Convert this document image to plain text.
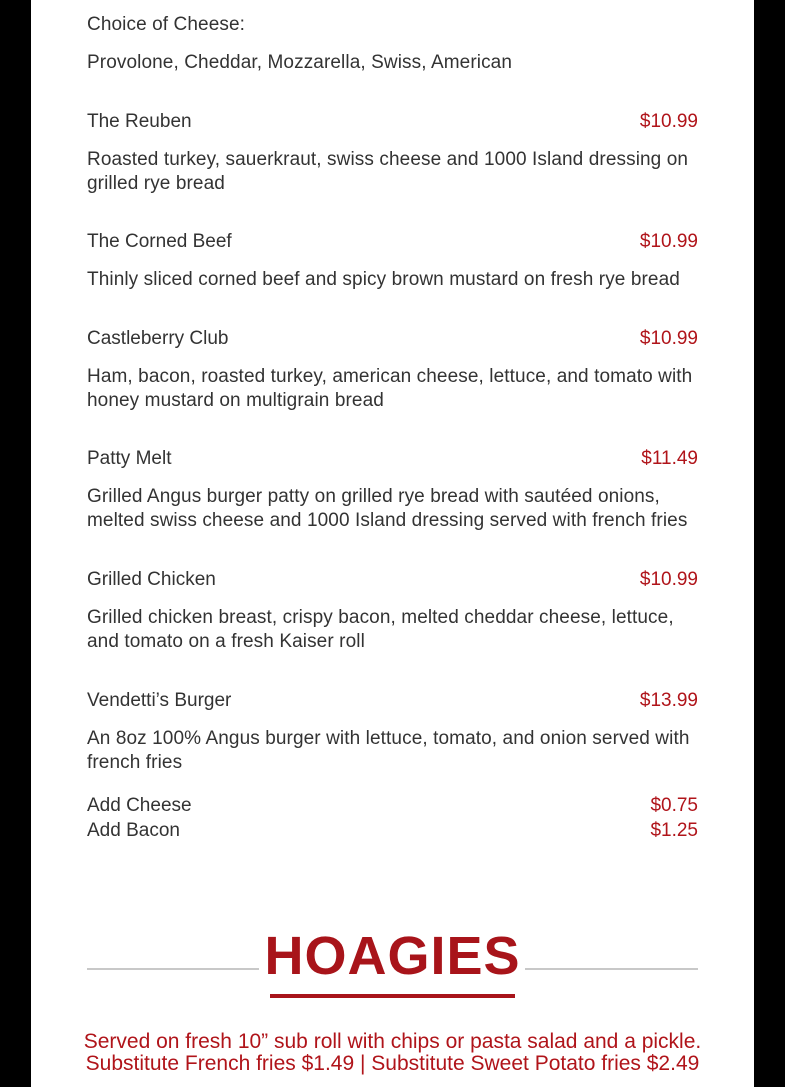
Choice of Cheese:
Provolone, Cheddar, Mozzarella, Swiss, American
The Reuben	$10.99
Roasted turkey, sauerkraut, swiss cheese and 1000 Island dressing on grilled rye bread
The Corned Beef	$10.99
Thinly sliced corned beef and spicy brown mustard on fresh rye bread
Castleberry Club	$10.99
Ham, bacon, roasted turkey, american cheese, lettuce, and tomato with honey mustard on multigrain bread
Patty Melt	$11.49
Grilled Angus burger patty on grilled rye bread with sautéed onions, melted swiss cheese and 1000 Island dressing served with french fries
Grilled Chicken	$10.99
Grilled chicken breast, crispy bacon, melted cheddar cheese, lettuce, and tomato on a fresh Kaiser roll
Vendetti’s Burger	$13.99
An 8oz 100% Angus burger with lettuce, tomato, and onion served with french fries
Add Cheese	$0.75
Add Bacon	$1.25
HOAGIES
Served on fresh 10” sub roll with chips or pasta salad and a pickle. Substitute French fries $1.49 | Substitute Sweet Potato fries $2.49
